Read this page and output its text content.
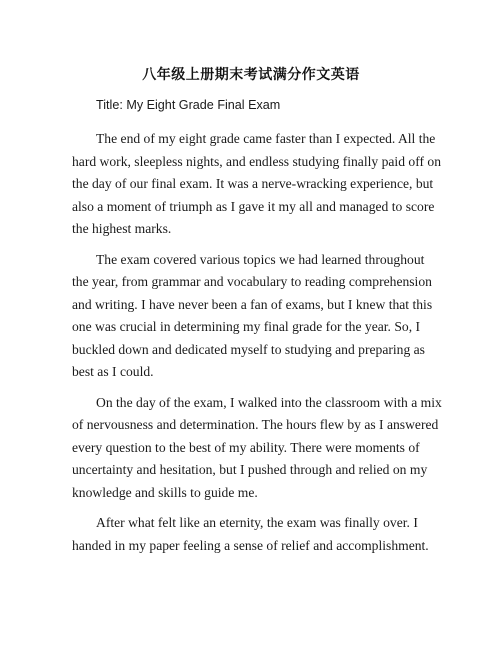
八年级上册期末考试满分作文英语
Title: My Eight Grade Final Exam

The end of my eight grade came faster than I expected. All the hard work, sleepless nights, and endless studying finally paid off on the day of our final exam. It was a nerve-wracking experience, but also a moment of triumph as I gave it my all and managed to score the highest marks.

The exam covered various topics we had learned throughout the year, from grammar and vocabulary to reading comprehension and writing. I have never been a fan of exams, but I knew that this one was crucial in determining my final grade for the year. So, I buckled down and dedicated myself to studying and preparing as best as I could.

On the day of the exam, I walked into the classroom with a mix of nervousness and determination. The hours flew by as I answered every question to the best of my ability. There were moments of uncertainty and hesitation, but I pushed through and relied on my knowledge and skills to guide me.

After what felt like an eternity, the exam was finally over. I handed in my paper feeling a sense of relief and accomplishment.
